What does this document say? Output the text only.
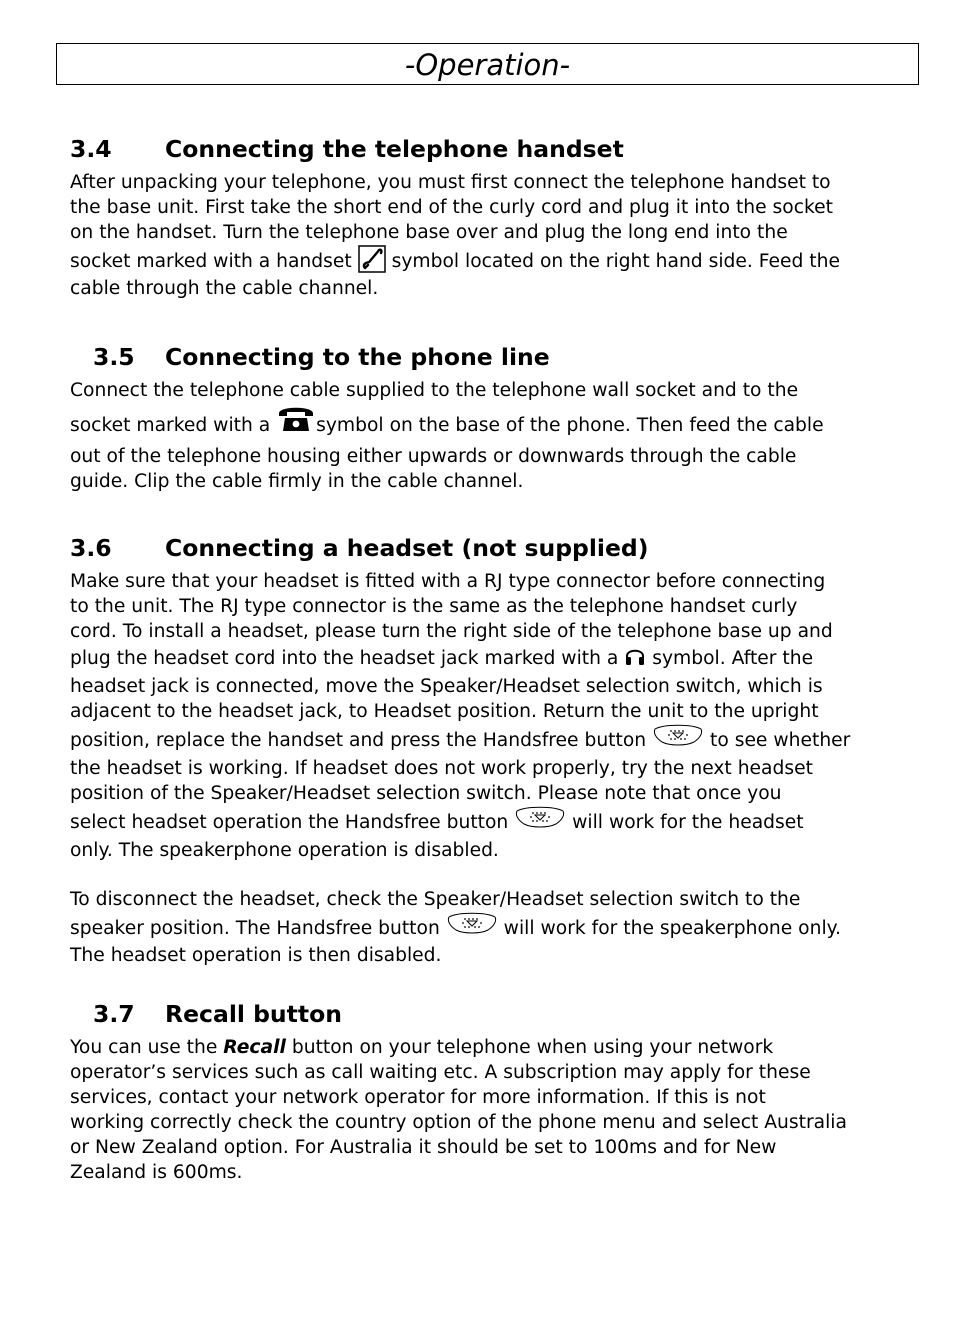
-Operation-
3.4 Connecting the telephone handset

After unpacking your telephone, you must first connect the telephone handset to

the base unit. First take the short end of the curly cord and plug it into the socket

on the handset. Turn the telephone base over and plug the long end into the

socket marked with a handset  symbol located on the right hand side. Feed the

cable through the cable channel.

3.5 Connecting to the phone line

Connect the telephone cable supplied to the telephone wall socket and to the

socket marked with a symbol on the base of the phone. Then feed the cable

out of the telephone housing either upwards or downwards through the cable

guide. Clip the cable firmly in the cable channel.

3.6 Connecting a headset (not supplied)

Make sure that your headset is fitted with a RJ type connector before connecting

to the unit. The RJ type connector is the same as the telephone handset curly

cord. To install a headset, please turn the right side of the telephone base up and

plug the headset cord into the headset jack marked with a  symbol. After the

headset jack is connected, move the Speaker/Headset selection switch, which is

adjacent to the headset jack, to Headset position. Return the unit to the upright

position, replace the handset and press the Handsfree button	to see whether

the headset is working. If headset does not work properly, try the next headset

position of the Speaker/Headset selection switch. Please note that once you

select headset operation the Handsfree button	will work for the headset

only. The speakerphone operation is disabled.

To disconnect the headset, check the Speaker/Headset selection switch to the

speaker position. The Handsfree button	will work for the speakerphone only.

The headset operation is then disabled.

3.7 Recall button

You can use the Recall button on your telephone when using your network

operator’s services such as call waiting etc. A subscription may apply for these

services, contact your network operator for more information. If this is not

working correctly check the country option of the phone menu and select Australia

or New Zealand option. For Australia it should be set to 100ms and for New

Zealand is 600ms.
